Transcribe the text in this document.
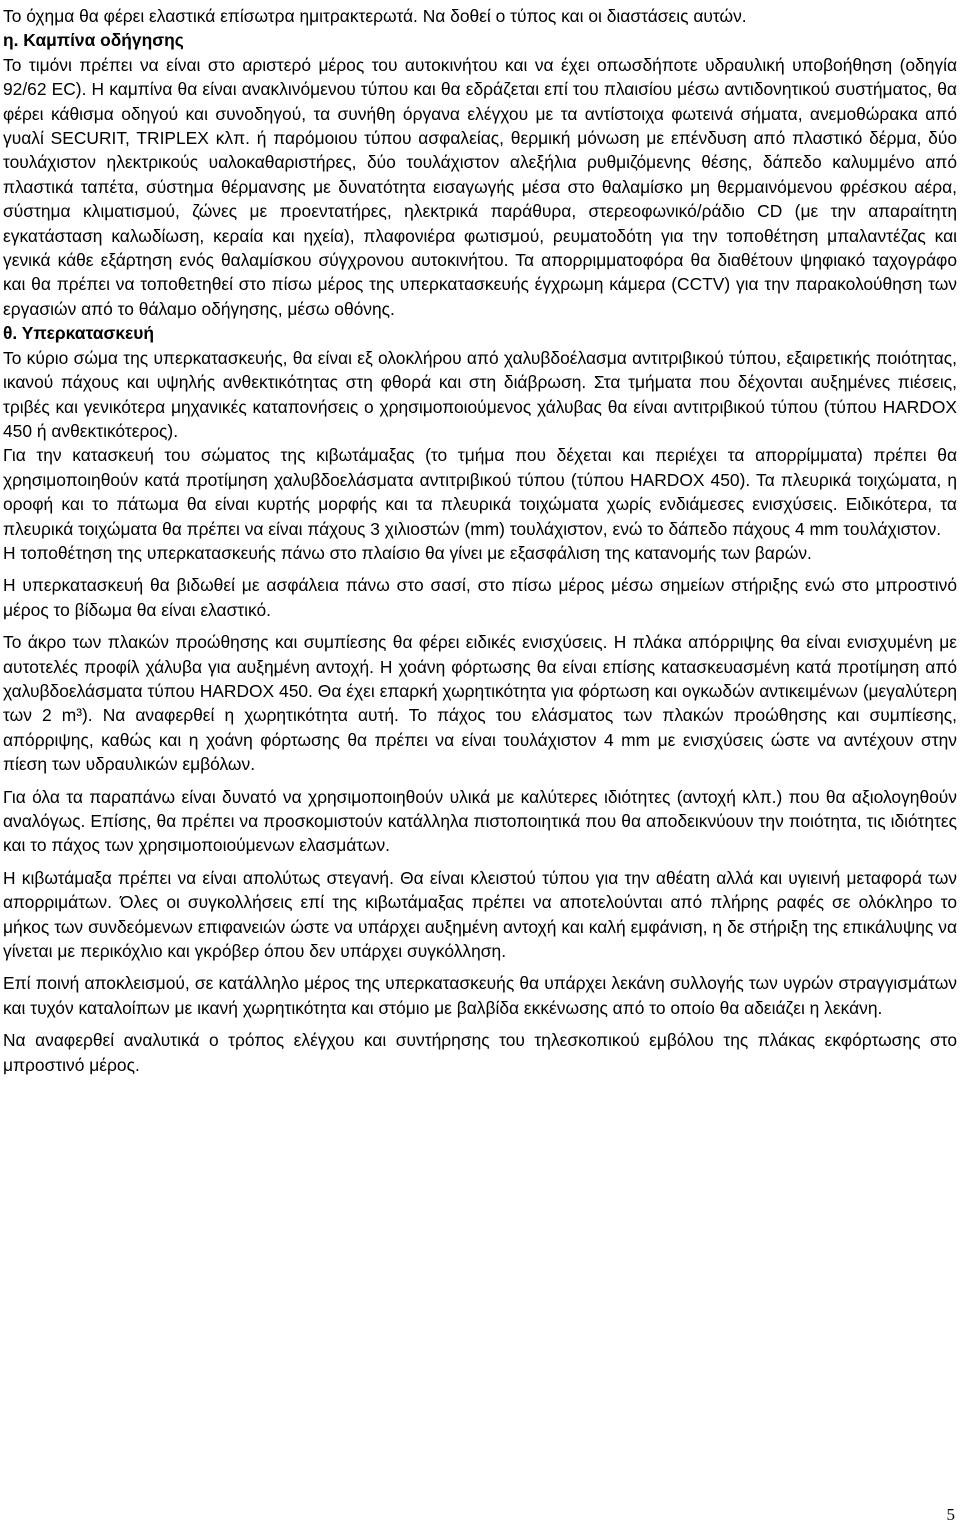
Το όχημα θα φέρει ελαστικά επίσωτρα ημιτρακτερωτά. Να δοθεί ο τύπος και οι διαστάσεις αυτών.

η. Καμπίνα οδήγησης

Το τιμόνι πρέπει να είναι στο αριστερό μέρος του αυτοκινήτου και να έχει οπωσδήποτε υδραυλική υποβοήθηση (οδηγία 92/62 EC). Η καμπίνα θα είναι ανακλινόμενου τύπου και θα εδράζεται επί του πλαισίου μέσω αντιδονητικού συστήματος, θα φέρει κάθισμα οδηγού και συνοδηγού, τα συνήθη όργανα ελέγχου με τα αντίστοιχα φωτεινά σήματα, ανεμοθώρακα από γυαλί SECURIT, TRIPLEX κλπ. ή παρόμοιου τύπου ασφαλείας, θερμική μόνωση με επένδυση από πλαστικό δέρμα, δύο τουλάχιστον ηλεκτρικούς υαλοκαθαριστήρες, δύο τουλάχιστον αλεξήλια ρυθμιζόμενης θέσης, δάπεδο καλυμμένο από πλαστικά ταπέτα, σύστημα θέρμανσης με δυνατότητα εισαγωγής μέσα στο θαλαμίσκο μη θερμαινόμενου φρέσκου αέρα, σύστημα κλιματισμού, ζώνες με προεντατήρες, ηλεκτρικά παράθυρα, στερεοφωνικό/ράδιο CD (με την απαραίτητη εγκατάσταση καλωδίωση, κεραία και ηχεία), πλαφονιέρα φωτισμού, ρευματοδότη για την τοποθέτηση μπαλαντέζας και γενικά κάθε εξάρτηση ενός θαλαμίσκου σύγχρονου αυτοκινήτου. Τα απορριμματοφόρα θα διαθέτουν ψηφιακό ταχογράφο και θα πρέπει να τοποθετηθεί στο πίσω μέρος της υπερκατασκευής έγχρωμη κάμερα (CCTV) για την παρακολούθηση των εργασιών από το θάλαμο οδήγησης, μέσω οθόνης.

θ. Υπερκατασκευή

Το κύριο σώμα της υπερκατασκευής, θα είναι εξ ολοκλήρου από χαλυβδοέλασμα αντιτριβικού τύπου, εξαιρετικής ποιότητας, ικανού πάχους και υψηλής ανθεκτικότητας στη φθορά και στη διάβρωση. Στα τμήματα που δέχονται αυξημένες πιέσεις, τριβές και γενικότερα μηχανικές καταπονήσεις ο χρησιμοποιούμενος χάλυβας θα είναι αντιτριβικού τύπου (τύπου HARDOX 450 ή ανθεκτικότερος).

Για την κατασκευή του σώματος της κιβωτάμαξας (το τμήμα που δέχεται και περιέχει τα απορρίμματα) πρέπει θα χρησιμοποιηθούν κατά προτίμηση χαλυβδοελάσματα αντιτριβικού τύπου (τύπου HARDOX 450). Τα πλευρικά τοιχώματα, η οροφή και το πάτωμα θα είναι κυρτής μορφής και τα πλευρικά τοιχώματα χωρίς ενδιάμεσες ενισχύσεις. Ειδικότερα, τα πλευρικά τοιχώματα θα πρέπει να είναι πάχους 3 χιλιοστών (mm) τουλάχιστον, ενώ το δάπεδο πάχους 4 mm τουλάχιστον.

Η τοποθέτηση της υπερκατασκευής πάνω στο πλαίσιο θα γίνει με εξασφάλιση της κατανομής των βαρών.

Η υπερκατασκευή θα βιδωθεί με ασφάλεια πάνω στο σασί, στο πίσω μέρος μέσω σημείων στήριξης ενώ στο μπροστινό μέρος το βίδωμα θα είναι ελαστικό.

Το άκρο των πλακών προώθησης και συμπίεσης θα φέρει ειδικές ενισχύσεις. Η πλάκα απόρριψης θα είναι ενισχυμένη με αυτοτελές προφίλ χάλυβα για αυξημένη αντοχή. Η χοάνη φόρτωσης θα είναι επίσης κατασκευασμένη κατά προτίμηση από χαλυβδοελάσματα τύπου HARDOX 450. Θα έχει επαρκή χωρητικότητα για φόρτωση και ογκωδών αντικειμένων (μεγαλύτερη των 2 m³). Να αναφερθεί η χωρητικότητα αυτή. Το πάχος του ελάσματος των πλακών προώθησης και συμπίεσης, απόρριψης, καθώς και η χοάνη φόρτωσης θα πρέπει να είναι τουλάχιστον 4 mm με ενισχύσεις ώστε να αντέχουν στην πίεση των υδραυλικών εμβόλων.

Για όλα τα παραπάνω είναι δυνατό να χρησιμοποιηθούν υλικά με καλύτερες ιδιότητες (αντοχή κλπ.) που θα αξιολογηθούν αναλόγως. Επίσης, θα πρέπει να προσκομιστούν κατάλληλα πιστοποιητικά που θα αποδεικνύουν την ποιότητα, τις ιδιότητες και το πάχος των χρησιμοποιούμενων ελασμάτων.

Η κιβωτάμαξα πρέπει να είναι απολύτως στεγανή. Θα είναι κλειστού τύπου για την αθέατη αλλά και υγιεινή μεταφορά των απορριμάτων. Όλες οι συγκολλήσεις επί της κιβωτάμαξας πρέπει να αποτελούνται από πλήρης ραφές σε ολόκληρο το μήκος των συνδεόμενων επιφανειών ώστε να υπάρχει αυξημένη αντοχή και καλή εμφάνιση, η δε στήριξη της επικάλυψης να γίνεται με περικόχλιο και γκρόβερ όπου δεν υπάρχει συγκόλληση.

Επί ποινή αποκλεισμού, σε κατάλληλο μέρος της υπερκατασκευής θα υπάρχει λεκάνη συλλογής των υγρών στραγγισμάτων και τυχόν καταλοίπων με ικανή χωρητικότητα και στόμιο με βαλβίδα εκκένωσης από το οποίο θα αδειάζει η λεκάνη.

Να αναφερθεί αναλυτικά ο τρόπος ελέγχου και συντήρησης του τηλεσκοπικού εμβόλου της πλάκας εκφόρτωσης στο μπροστινό μέρος.

5
